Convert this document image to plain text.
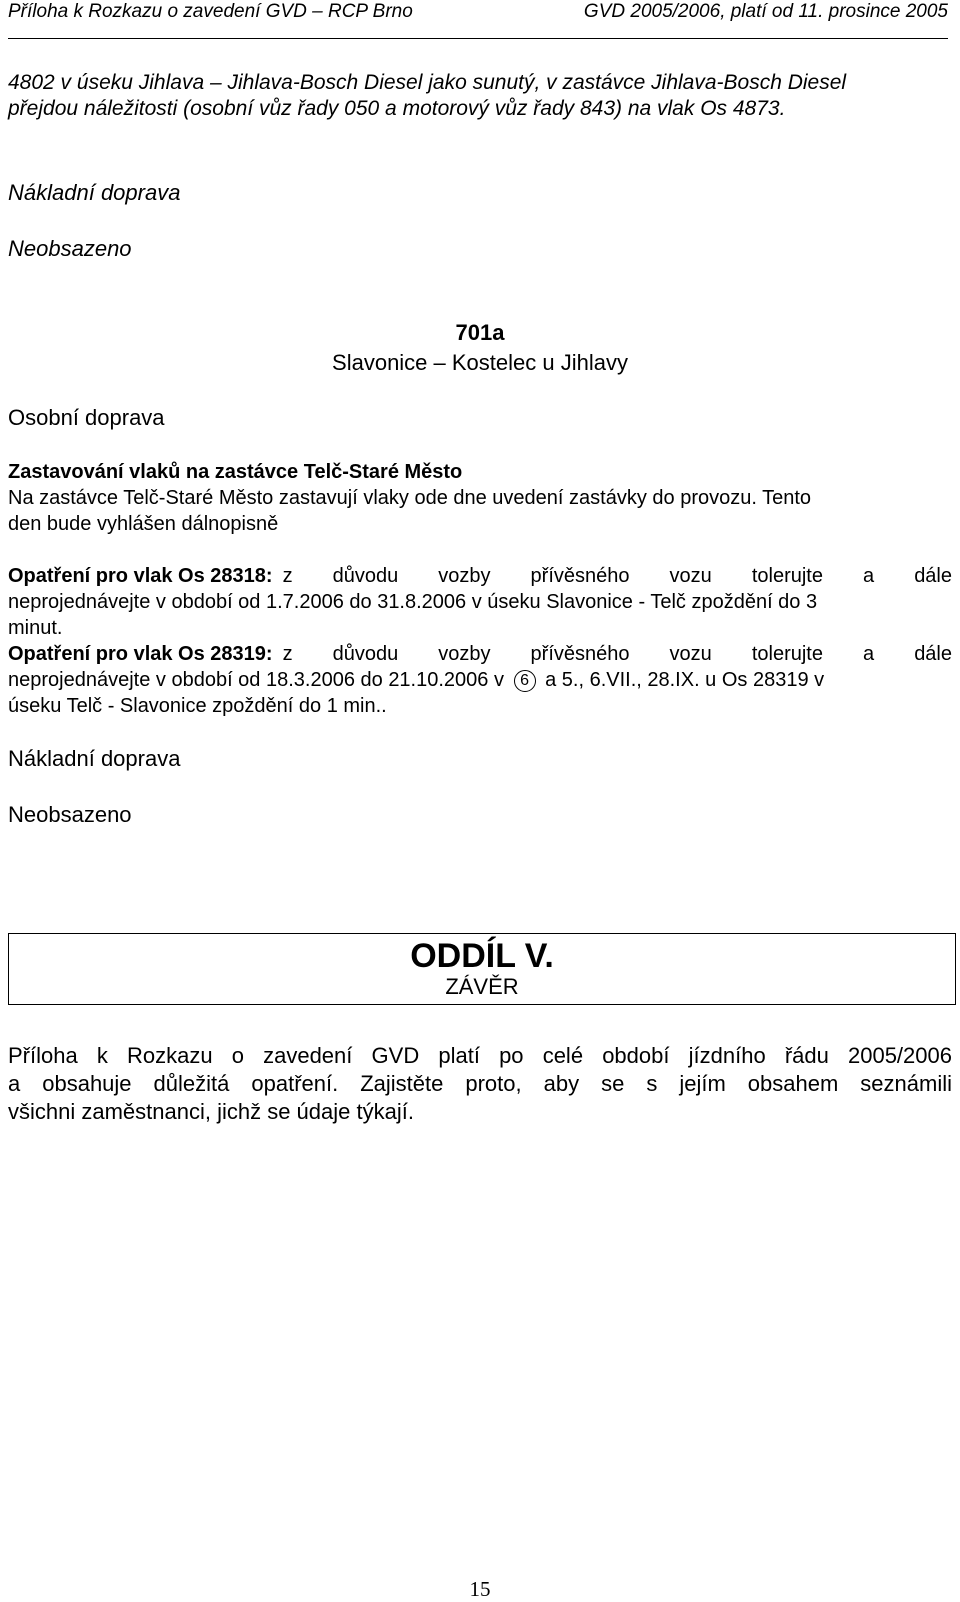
Příloha k Rozkazu o zavedení GVD – RCP Brno	GVD 2005/2006, platí od 11. prosince 2005
4802 v úseku Jihlava – Jihlava-Bosch Diesel jako sunutý, v zastávce Jihlava-Bosch Diesel
přejdou náležitosti (osobní vůz řady 050 a motorový vůz řady 843) na vlak Os 4873.
Nákladní doprava
Neobsazeno
701a
Slavonice – Kostelec u Jihlavy
Osobní doprava
Zastavování vlaků na zastávce Telč-Staré Město
Na zastávce Telč-Staré Město zastavují vlaky ode dne uvedení zastávky do provozu. Tento
den bude vyhlášen dálnopisně
Opatření pro vlak Os 28318: z důvodu vozby přívěsného vozu tolerujte a dále
neprojednávejte v období od 1.7.2006 do 31.8.2006 v úseku Slavonice - Telč zpoždění do 3
minut.
Opatření pro vlak Os 28319: z důvodu vozby přívěsného vozu tolerujte a dále
neprojednávejte v období od 18.3.2006 do 21.10.2006 v 6 a 5., 6.VII., 28.IX. u Os 28319 v
úseku Telč - Slavonice zpoždění do 1 min..
Nákladní doprava
Neobsazeno
ODDÍL V.
ZÁVĚR
Příloha k Rozkazu o zavedení GVD platí po celé období jízdního řádu 2005/2006
a obsahuje důležitá opatření. Zajistěte proto, aby se s jejím obsahem seznámili
všichni zaměstnanci, jichž se údaje týkají.
15
